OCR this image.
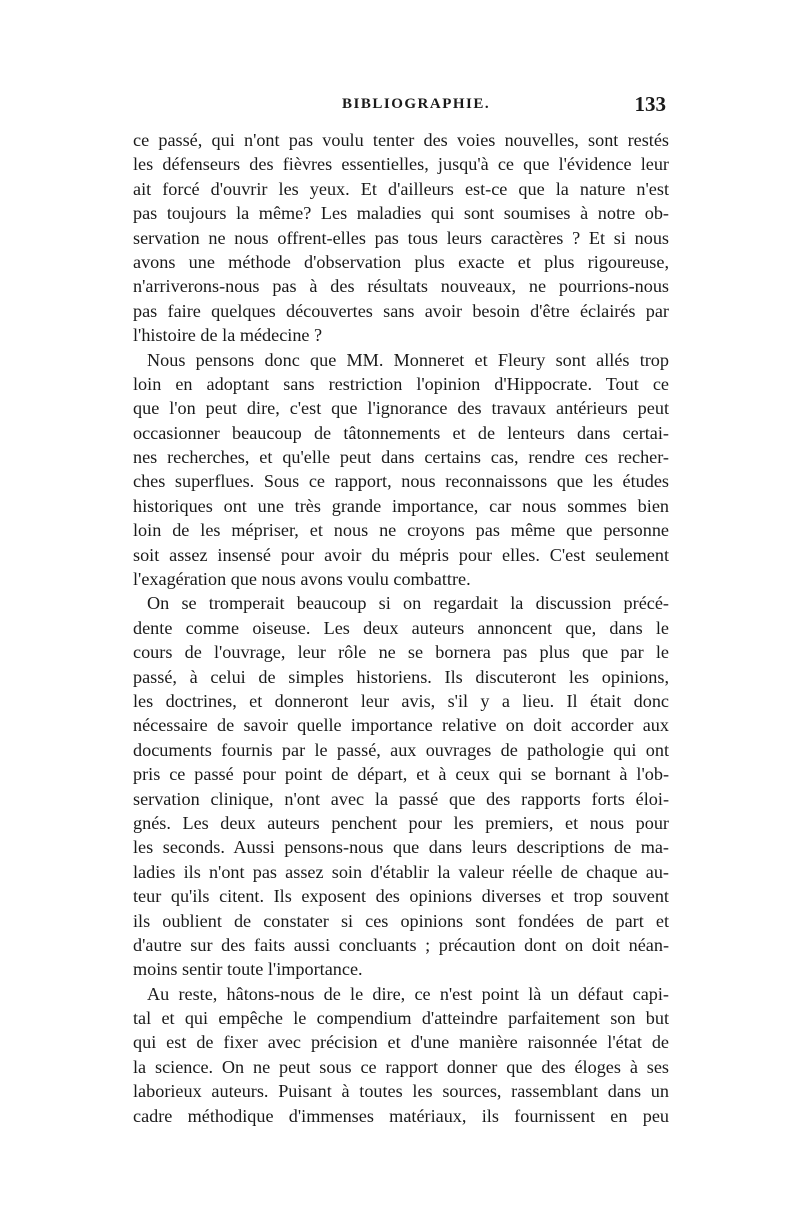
BIBLIOGRAPHIE.	133
ce passé, qui n'ont pas voulu tenter des voies nouvelles, sont restés
les défenseurs des fièvres essentielles, jusqu'à ce que l'évidence leur
ait forcé d'ouvrir les yeux. Et d'ailleurs est-ce que la nature n'est
pas toujours la même? Les maladies qui sont soumises à notre ob-
servation ne nous offrent-elles pas tous leurs caractères ? Et si nous
avons une méthode d'observation plus exacte et plus rigoureuse,
n'arriverons-nous pas à des résultats nouveaux, ne pourrions-nous
pas faire quelques découvertes sans avoir besoin d'être éclairés par
l'histoire de la médecine ?
Nous pensons donc que MM. Monneret et Fleury sont allés trop
loin en adoptant sans restriction l'opinion d'Hippocrate. Tout ce
que l'on peut dire, c'est que l'ignorance des travaux antérieurs peut
occasionner beaucoup de tâtonnements et de lenteurs dans certai-
nes recherches, et qu'elle peut dans certains cas, rendre ces recher-
ches superflues. Sous ce rapport, nous reconnaissons que les études
historiques ont une très grande importance, car nous sommes bien
loin de les mépriser, et nous ne croyons pas même que personne
soit assez insensé pour avoir du mépris pour elles. C'est seulement
l'exagération que nous avons voulu combattre.
On se tromperait beaucoup si on regardait la discussion précé-
dente comme oiseuse. Les deux auteurs annoncent que, dans le
cours de l'ouvrage, leur rôle ne se bornera pas plus que par le
passé, à celui de simples historiens. Ils discuteront les opinions,
les doctrines, et donneront leur avis, s'il y a lieu. Il était donc
nécessaire de savoir quelle importance relative on doit accorder aux
documents fournis par le passé, aux ouvrages de pathologie qui ont
pris ce passé pour point de départ, et à ceux qui se bornant à l'ob-
servation clinique, n'ont avec la passé que des rapports forts éloi-
gnés. Les deux auteurs penchent pour les premiers, et nous pour
les seconds. Aussi pensons-nous que dans leurs descriptions de ma-
ladies ils n'ont pas assez soin d'établir la valeur réelle de chaque au-
teur qu'ils citent. Ils exposent des opinions diverses et trop souvent
ils oublient de constater si ces opinions sont fondées de part et
d'autre sur des faits aussi concluants ; précaution dont on doit néan-
moins sentir toute l'importance.
Au reste, hâtons-nous de le dire, ce n'est point là un défaut capi-
tal et qui empêche le compendium d'atteindre parfaitement son but
qui est de fixer avec précision et d'une manière raisonnée l'état de
la science. On ne peut sous ce rapport donner que des éloges à ses
laborieux auteurs. Puisant à toutes les sources, rassemblant dans un
cadre méthodique d'immenses matériaux, ils fournissent en peu
